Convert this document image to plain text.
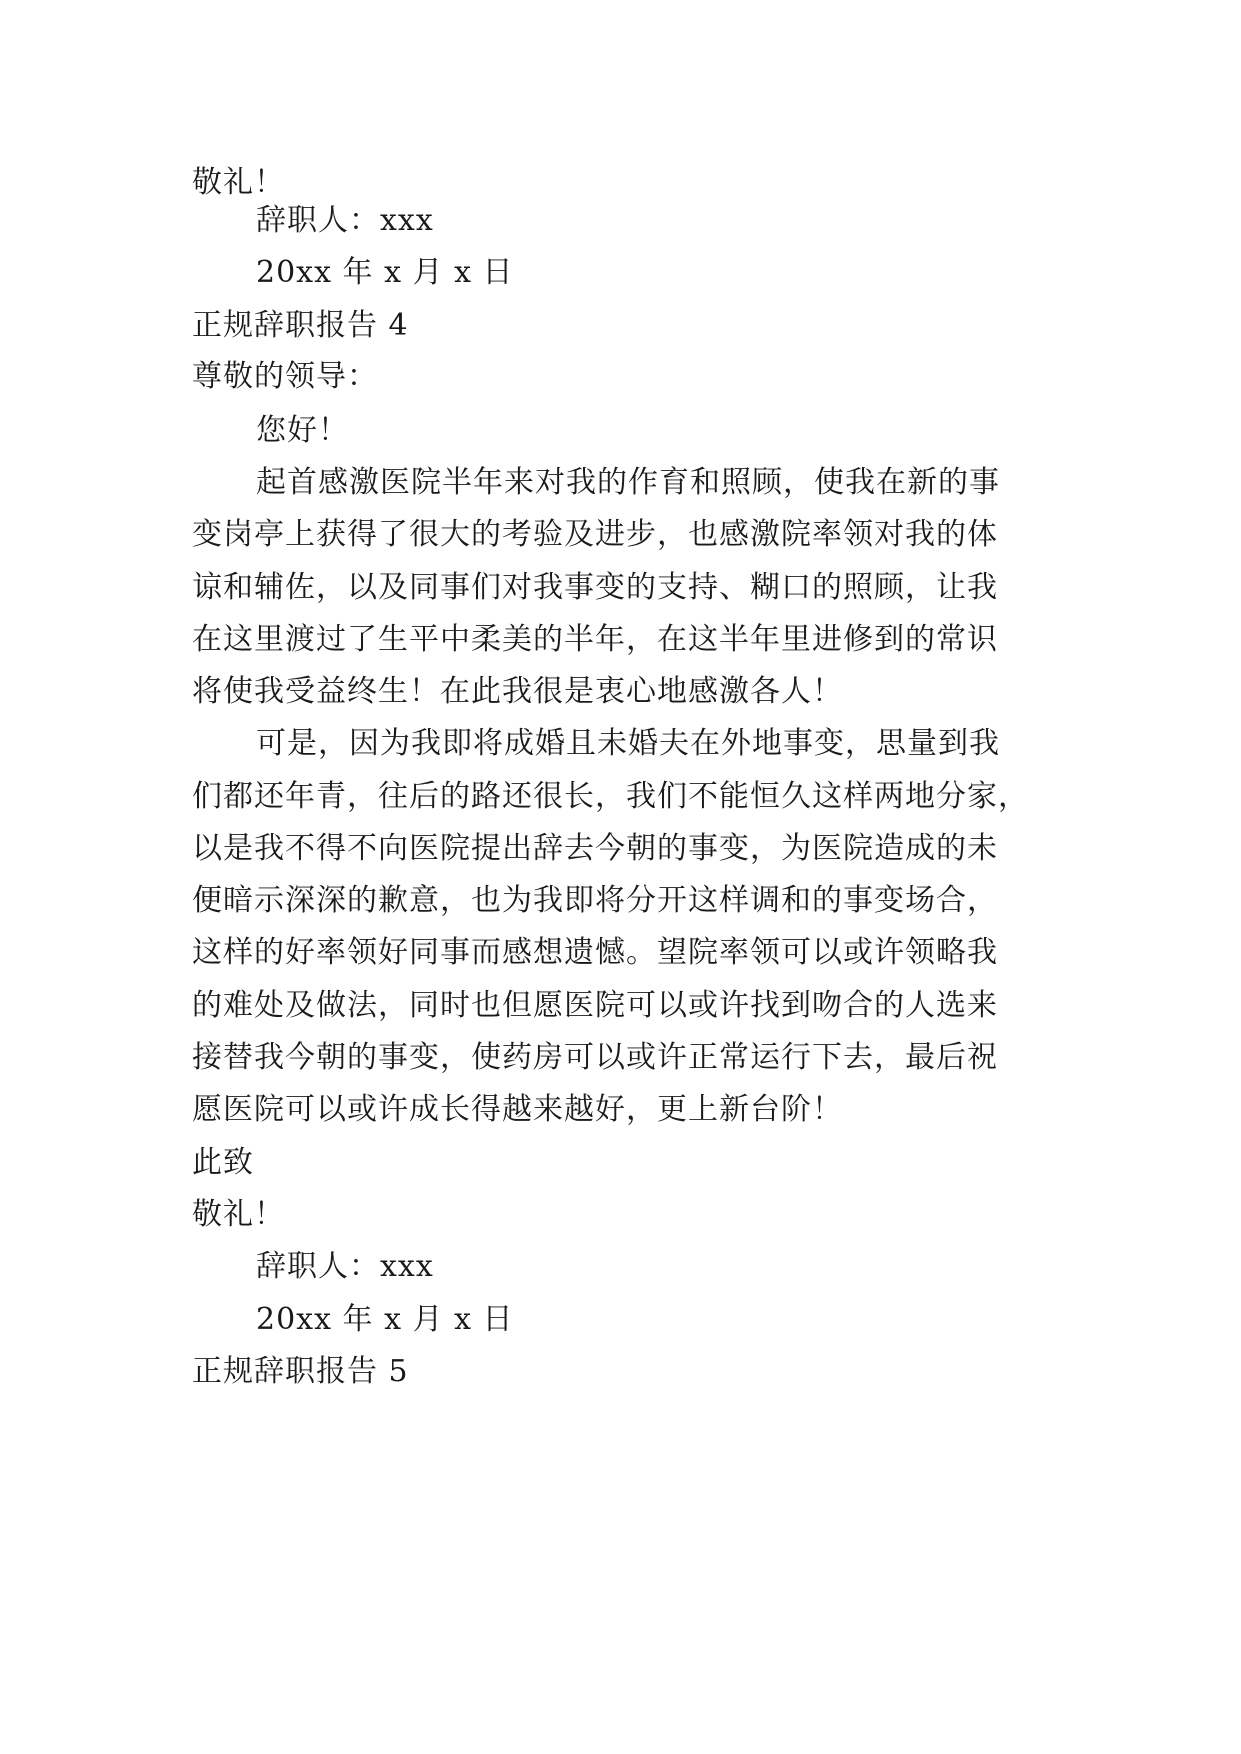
敬礼！

辞职人：xxx

20xx 年 x 月 x 日

正规辞职报告 4

尊敬的领导：

您好！

起首感激医院半年来对我的作育和照顾，使我在新的事

变岗亭上获得了很大的考验及进步，也感激院率领对我的体

谅和辅佐，以及同事们对我事变的支持、糊口的照顾，让我

在这里渡过了生平中柔美的半年，在这半年里进修到的常识

将使我受益终生！在此我很是衷心地感激各人！

可是，因为我即将成婚且未婚夫在外地事变，思量到我

们都还年青，往后的路还很长，我们不能恒久这样两地分家，

以是我不得不向医院提出辞去今朝的事变，为医院造成的未

便暗示深深的歉意，也为我即将分开这样调和的事变场合，

这样的好率领好同事而感想遗憾。望院率领可以或许领略我

的难处及做法，同时也但愿医院可以或许找到吻合的人选来

接替我今朝的事变，使药房可以或许正常运行下去，最后祝

愿医院可以或许成长得越来越好，更上新台阶！

此致

敬礼！

辞职人：xxx

20xx 年 x 月 x 日

正规辞职报告 5
